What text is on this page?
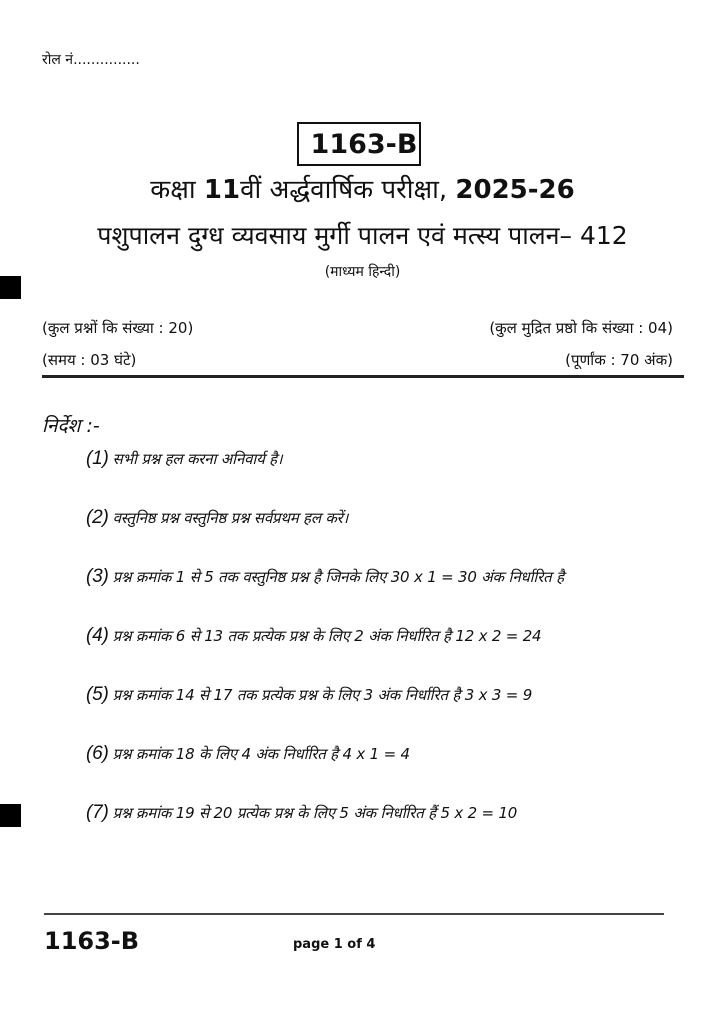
रोल नं...............
1163-B
कक्षा 11वीं अर्द्धवार्षिक परीक्षा, 2025-26
पशुपालन दुग्ध व्यवसाय मुर्गी पालन एवं मत्स्य पालन– 412
(माध्यम हिन्दी)
(कुल प्रश्नों कि संख्या : 20)
(समय : 03 घंटे)
(कुल मुद्रित प्रष्ठो कि संख्या : 04)
(पूर्णांक : 70 अंक)
निर्देश :-
(1) सभी प्रश्न हल करना अनिवार्य है।
(2) वस्तुनिष्ठ प्रश्न वस्तुनिष्ठ प्रश्न सर्वप्रथम हल करें।
(3) प्रश्न क्रमांक 1 से 5 तक वस्तुनिष्ठ प्रश्न है जिनके लिए 30 x 1 = 30 अंक निर्धारित है
(4) प्रश्न क्रमांक 6 से 13 तक प्रत्येक प्रश्न के लिए 2 अंक निर्धारित है 12 x 2 = 24
(5) प्रश्न क्रमांक 14 से 17 तक प्रत्येक प्रश्न के लिए 3 अंक निर्धारित है 3 x 3 = 9
(6) प्रश्न क्रमांक 18 के लिए 4 अंक निर्धारित है 4 x 1 = 4
(7) प्रश्न क्रमांक 19 से 20 प्रत्येक प्रश्न के लिए 5 अंक निर्धारित हैं 5 x 2 = 10
1163-B	page 1 of 4
